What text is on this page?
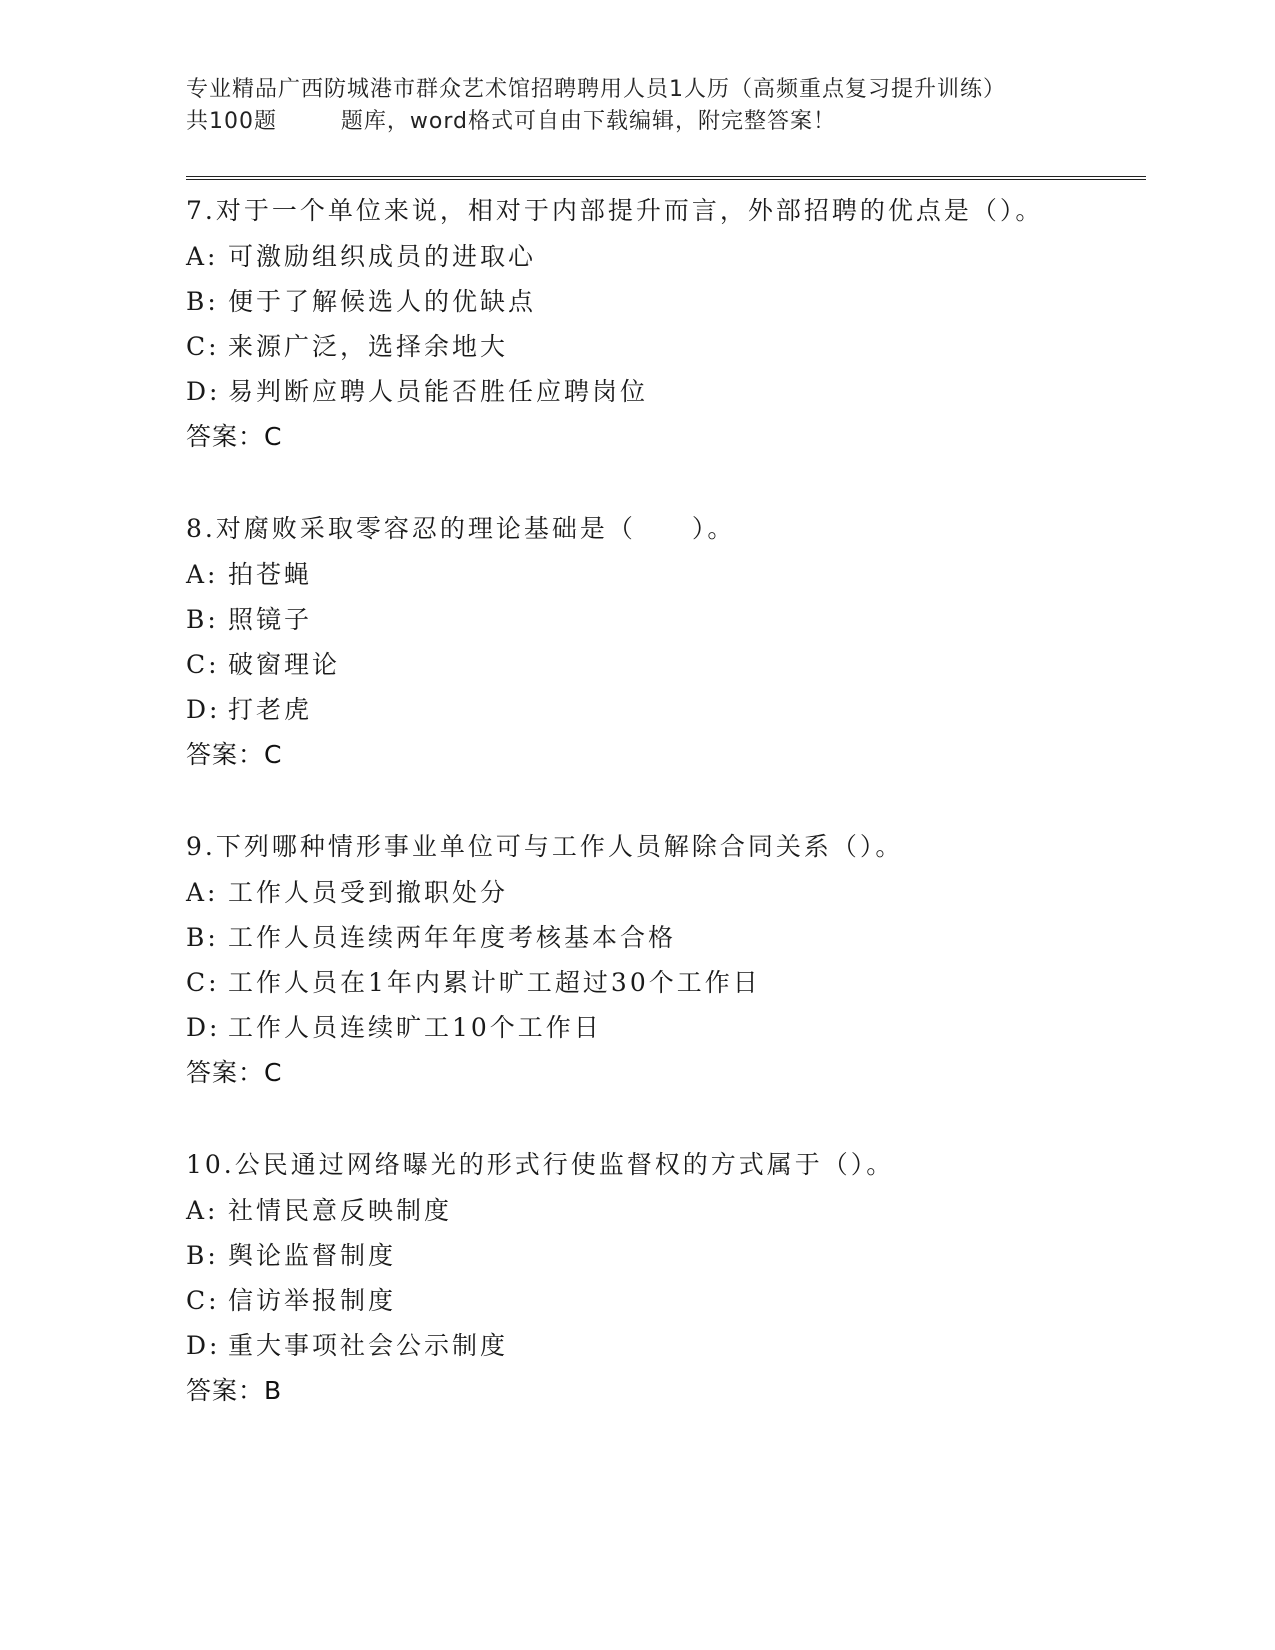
专业精品广西防城港市群众艺术馆招聘聘用人员1人历（高频重点复习提升训练）
共100题        题库，word格式可自由下载编辑，附完整答案！
7.对于一个单位来说，相对于内部提升而言，外部招聘的优点是（）。
A: 可激励组织成员的进取心
B: 便于了解候选人的优缺点
C: 来源广泛，选择余地大
D: 易判断应聘人员能否胜任应聘岗位
答案：C
8.对腐败采取零容忍的理论基础是（　　）。
A: 拍苍蝇
B: 照镜子
C: 破窗理论
D: 打老虎
答案：C
9.下列哪种情形事业单位可与工作人员解除合同关系（）。
A: 工作人员受到撤职处分
B: 工作人员连续两年年度考核基本合格
C: 工作人员在1年内累计旷工超过30个工作日
D: 工作人员连续旷工10个工作日
答案：C
10.公民通过网络曝光的形式行使监督权的方式属于（）。
A: 社情民意反映制度
B: 舆论监督制度
C: 信访举报制度
D: 重大事项社会公示制度
答案：B
